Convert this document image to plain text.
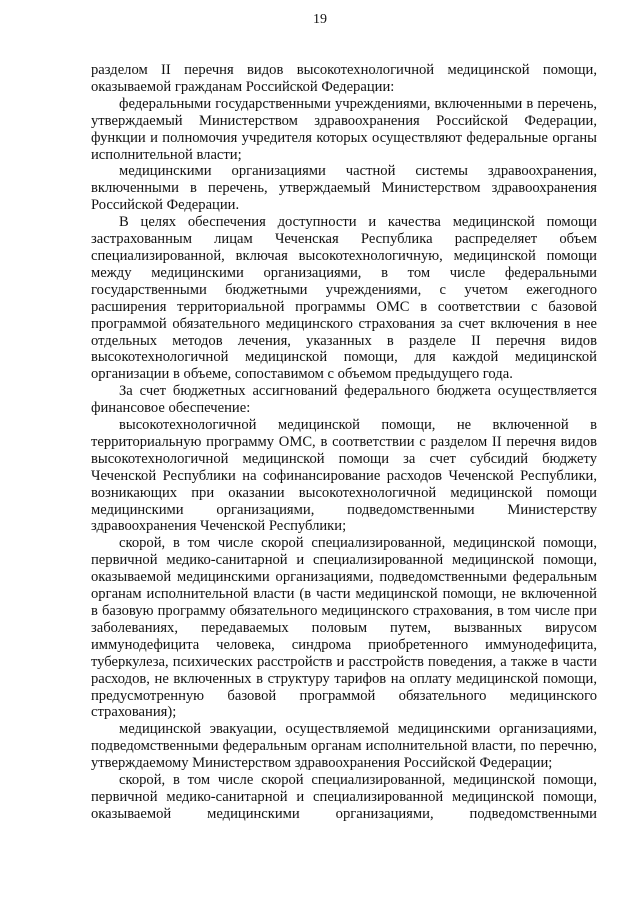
19

разделом II перечня видов высокотехнологичной медицинской помощи, оказываемой гражданам Российской Федерации:

федеральными государственными учреждениями, включенными в перечень, утверждаемый Министерством здравоохранения Российской Федерации, функции и полномочия учредителя которых осуществляют федеральные органы исполнительной власти;

медицинскими организациями частной системы здравоохранения, включенными в перечень, утверждаемый Министерством здравоохранения Российской Федерации.

В целях обеспечения доступности и качества медицинской помощи застрахованным лицам Чеченская Республика распределяет объем специализированной, включая высокотехнологичную, медицинской помощи между медицинскими организациями, в том числе федеральными государственными бюджетными учреждениями, с учетом ежегодного расширения территориальной программы ОМС в соответствии с базовой программой обязательного медицинского страхования за счет включения в нее отдельных методов лечения, указанных в разделе II перечня видов высокотехнологичной медицинской помощи, для каждой медицинской организации в объеме, сопоставимом с объемом предыдущего года.

За счет бюджетных ассигнований федерального бюджета осуществляется финансовое обеспечение:

высокотехнологичной медицинской помощи, не включенной в территориальную программу ОМС, в соответствии с разделом II перечня видов высокотехнологичной медицинской помощи за счет субсидий бюджету Чеченской Республики на софинансирование расходов Чеченской Республики, возникающих при оказании высокотехнологичной медицинской помощи медицинскими организациями, подведомственными Министерству здравоохранения Чеченской Республики;

скорой, в том числе скорой специализированной, медицинской помощи, первичной медико-санитарной и специализированной медицинской помощи, оказываемой медицинскими организациями, подведомственными федеральным органам исполнительной власти (в части медицинской помощи, не включенной в базовую программу обязательного медицинского страхования, в том числе при заболеваниях, передаваемых половым путем, вызванных вирусом иммунодефицита человека, синдрома приобретенного иммунодефицита, туберкулеза, психических расстройств и расстройств поведения, а также в части расходов, не включенных в структуру тарифов на оплату медицинской помощи, предусмотренную базовой программой обязательного медицинского страхования);

медицинской эвакуации, осуществляемой медицинскими организациями, подведомственными федеральным органам исполнительной власти, по перечню, утверждаемому Министерством здравоохранения Российской Федерации;

скорой, в том числе скорой специализированной, медицинской помощи, первичной медико-санитарной и специализированной медицинской помощи, оказываемой медицинскими организациями, подведомственными
